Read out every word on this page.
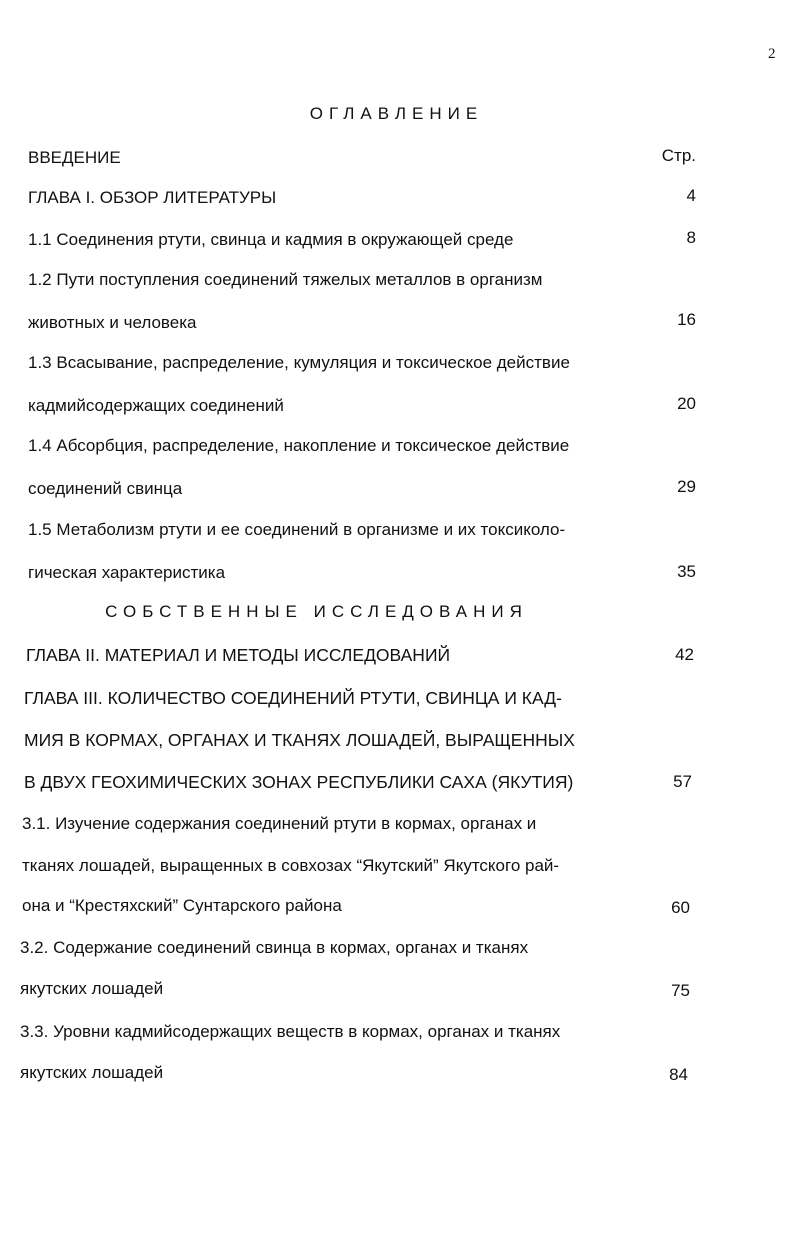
2
ОГЛАВЛЕНИЕ
Стр.
ВВЕДЕНИЕ
ГЛАВА I. ОБЗОР ЛИТЕРАТУРЫ	4
1.1 Соединения ртути, свинца и кадмия в окружающей среде	8
1.2 Пути поступления соединений тяжелых металлов в организм
животных и человека	16
1.3 Всасывание, распределение, кумуляция и токсическое действие
кадмийсодержащих соединений	20
1.4 Абсорбция, распределение, накопление и токсическое действие
соединений свинца	29
1.5 Метаболизм ртути и ее соединений в организме и их токсиколо-
гическая характеристика	35
СОБСТВЕННЫЕ ИССЛЕДОВАНИЯ
ГЛАВА II. МАТЕРИАЛ И МЕТОДЫ ИССЛЕДОВАНИЙ	42
ГЛАВА III. КОЛИЧЕСТВО СОЕДИНЕНИЙ РТУТИ, СВИНЦА И КАД-
МИЯ В КОРМАХ, ОРГАНАХ И ТКАНЯХ ЛОШАДЕЙ, ВЫРАЩЕННЫХ
В ДВУХ ГЕОХИМИЧЕСКИХ ЗОНАХ РЕСПУБЛИКИ САХА (ЯКУТИЯ)	57
3.1. Изучение содержания соединений ртути в кормах, органах и
тканях лошадей, выращенных в совхозах “Якутский” Якутского рай-
она и “Крестяхский” Сунтарского района	60
3.2. Содержание соединений свинца в кормах, органах и тканях
якутских лошадей	75
3.3. Уровни кадмийсодержащих веществ в кормах, органах и тканях
якутских лошадей	84
